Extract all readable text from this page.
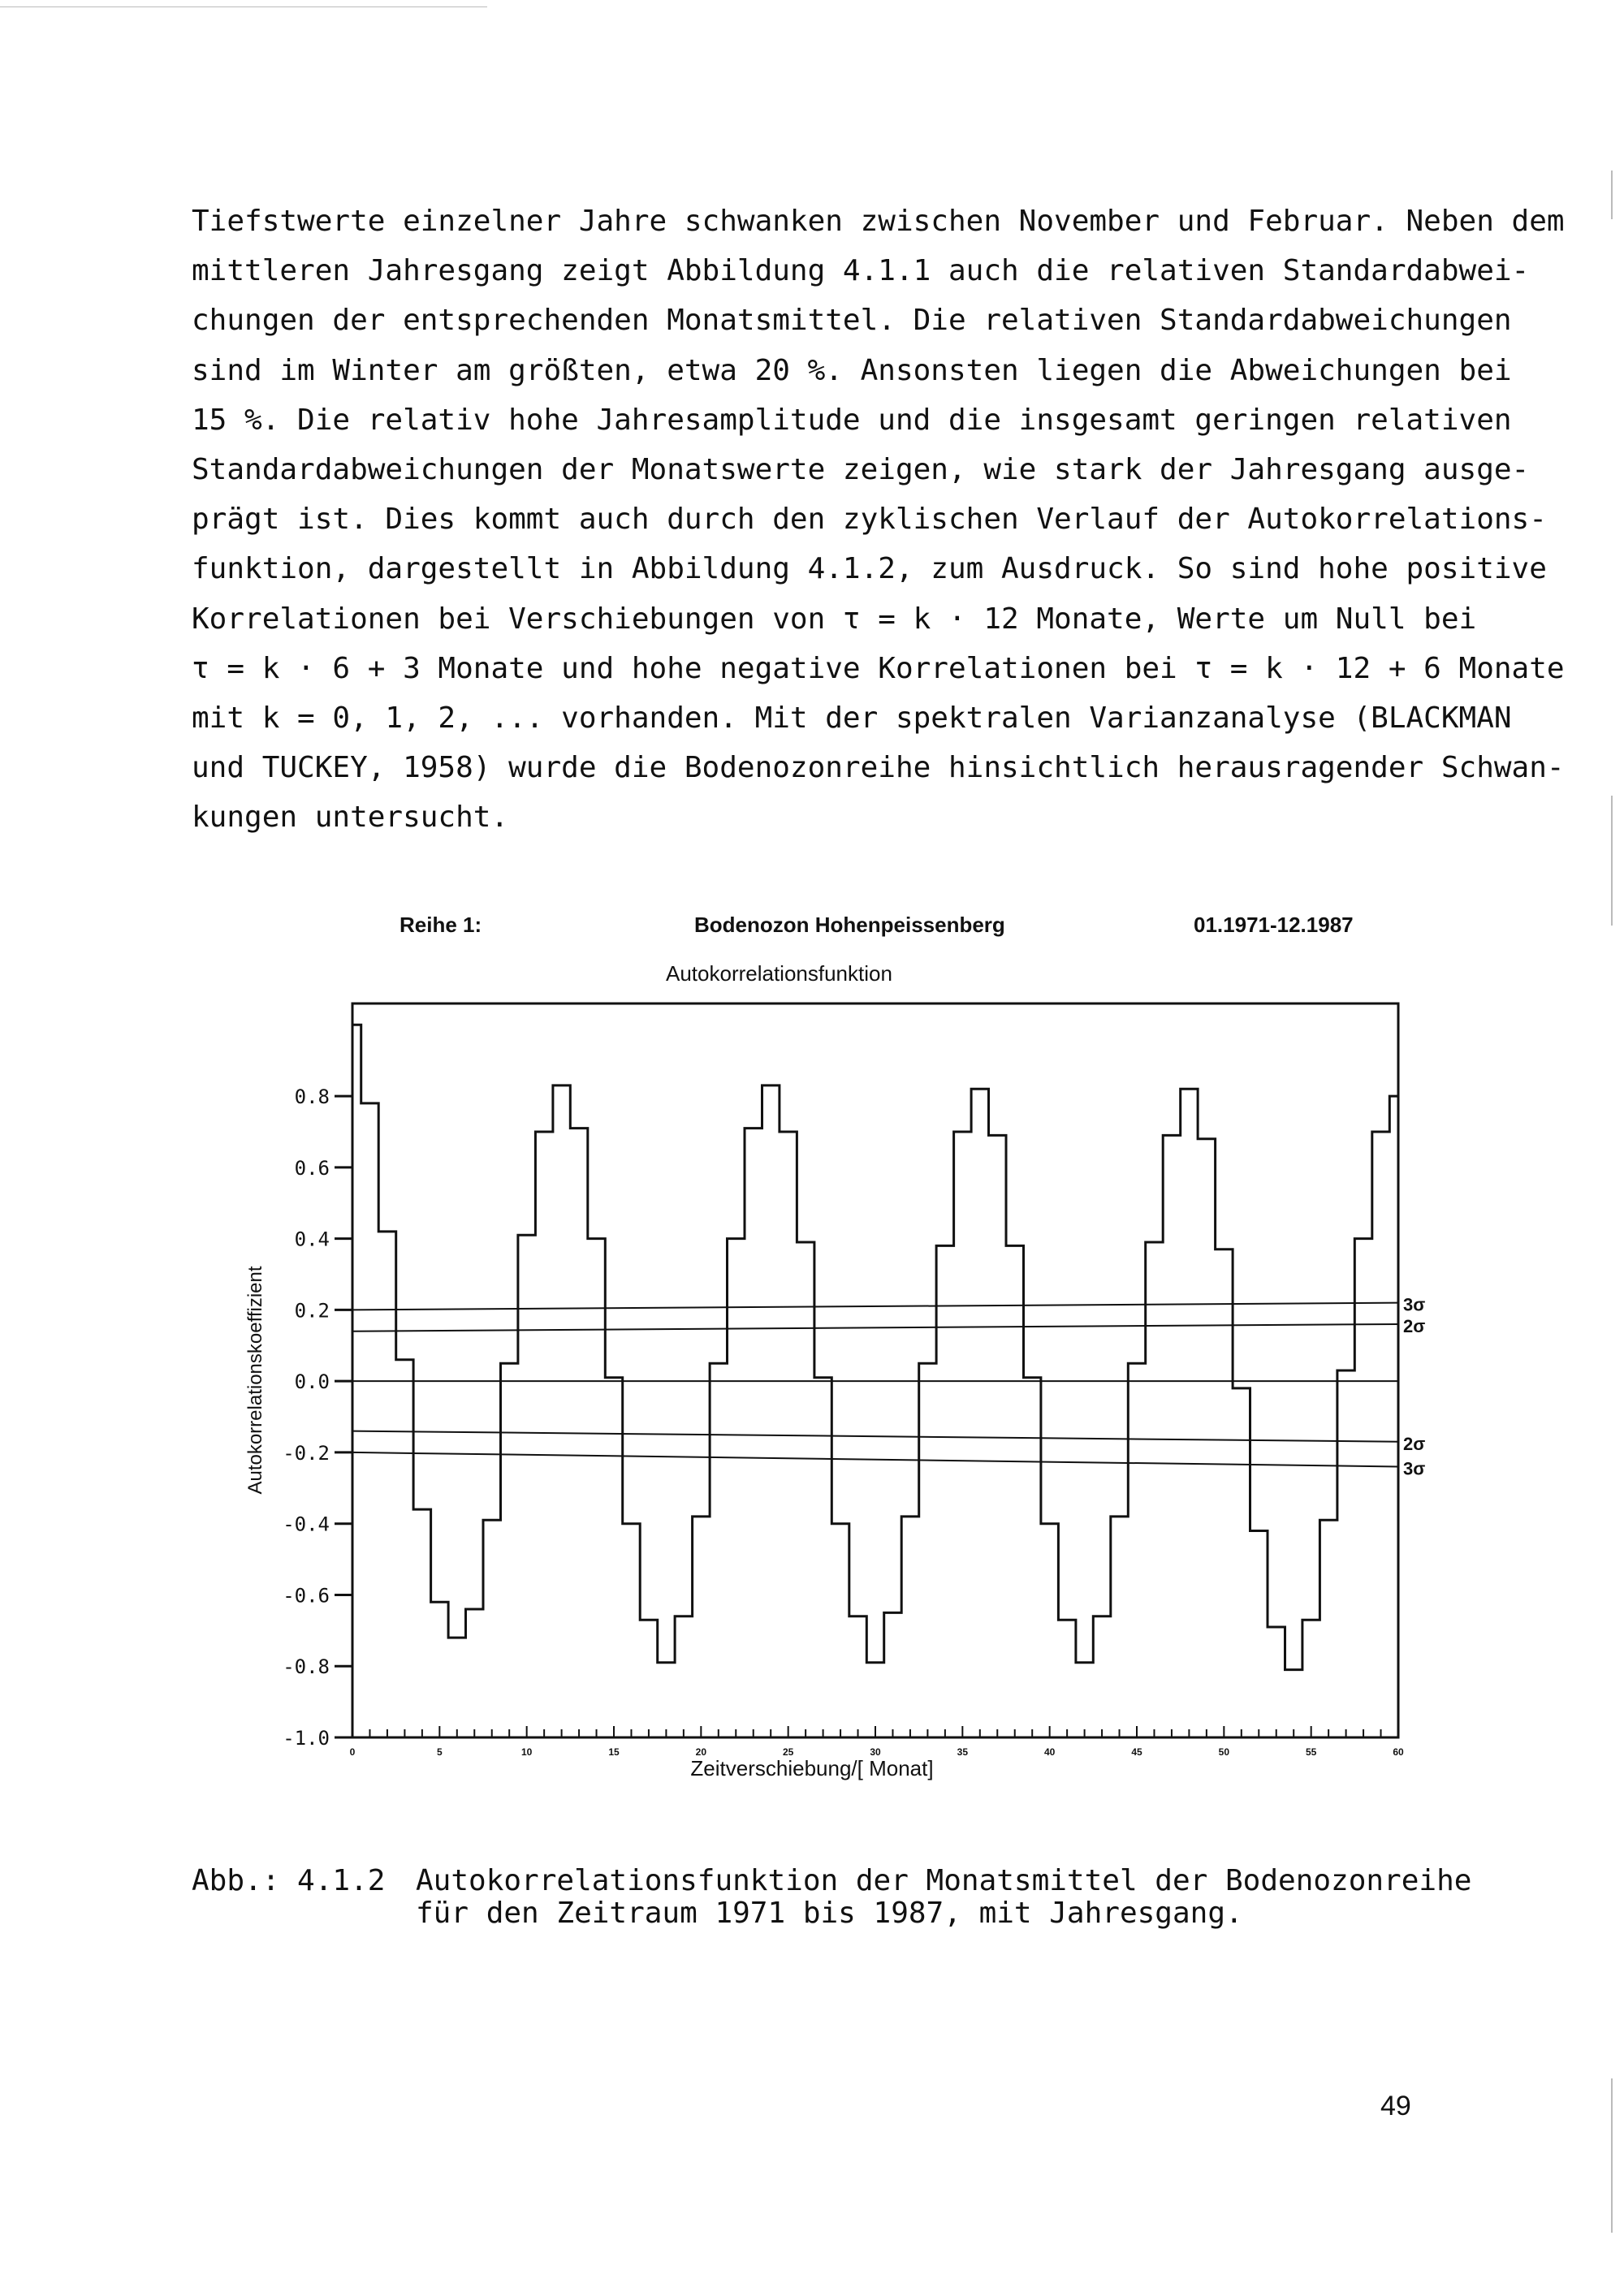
Tiefstwerte einzelner Jahre schwanken zwischen November und Februar. Neben dem
mittleren Jahresgang zeigt Abbildung 4.1.1 auch die relativen Standardabwei-
chungen der entsprechenden Monatsmittel. Die relativen Standardabweichungen
sind im Winter am größten, etwa 20 %. Ansonsten liegen die Abweichungen bei
15 %. Die relativ hohe Jahresamplitude und die insgesamt geringen relativen
Standardabweichungen der Monatswerte zeigen, wie stark der Jahresgang ausge-
prägt ist. Dies kommt auch durch den zyklischen Verlauf der Autokorrelations-
funktion, dargestellt in Abbildung 4.1.2, zum Ausdruck. So sind hohe positive
Korrelationen bei Verschiebungen von τ = k · 12 Monate, Werte um Null bei
τ = k · 6 + 3 Monate und hohe negative Korrelationen bei τ = k · 12 + 6 Monate
mit k = 0, 1, 2, ... vorhanden. Mit der spektralen Varianzanalyse (BLACKMAN
und TUCKEY, 1958) wurde die Bodenozonreihe hinsichtlich herausragender Schwan-
kungen untersucht.
Reihe 1:	Bodenozon Hohenpeissenberg	01.1971-12.1987
Autokorrelationsfunktion
0.8
0.6
0.4
0.2
0.0
-0.2
-0.4
-0.6
-0.8
-1.0
0	5	10	15	20	25	30	35	40	45	50	55	60
3σ
2σ
2σ
3σ
Autokorrelationskoeffizient
Zeitverschiebung/[ Monat]
Abb.: 4.1.2 Autokorrelationsfunktion der Monatsmittel der Bodenozonreihe
für den Zeitraum 1971 bis 1987, mit Jahresgang.
49
